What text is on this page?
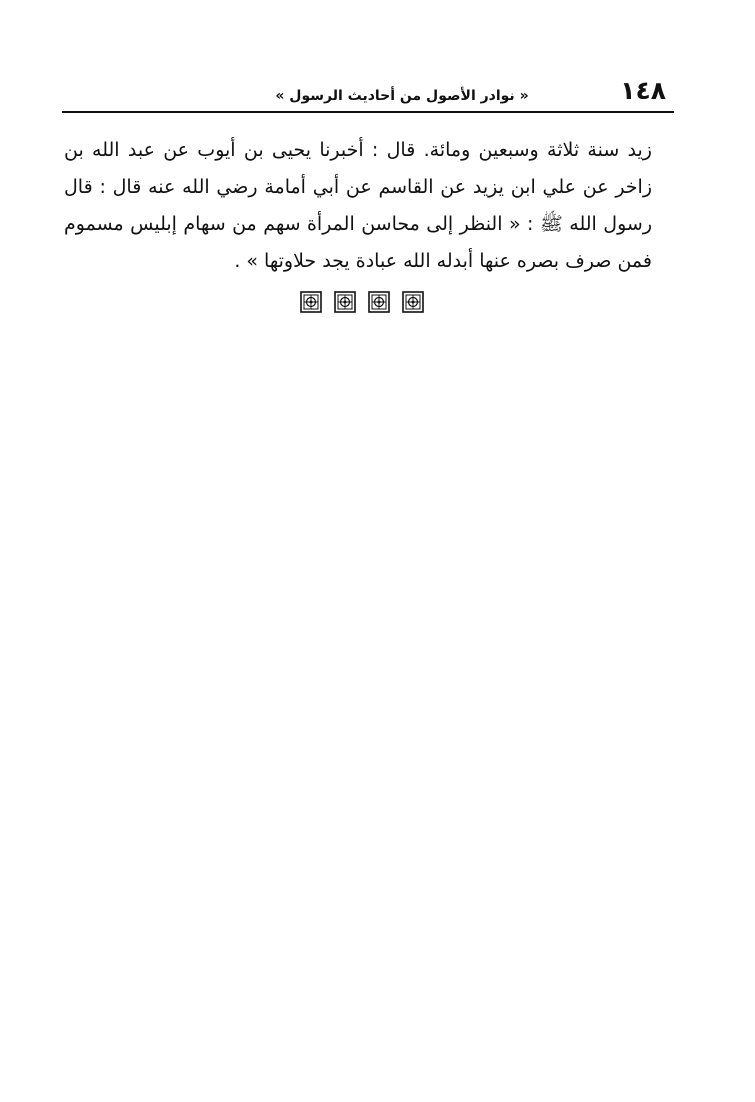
« نوادر الأصول من أحاديث الرسول »	١٤٨
زيد سنة ثلاثة وسبعين ومائة. قال : أخبرنا يحيى بن أيوب عن عبد الله بن زاخر عن علي ابن يزيد عن القاسم عن أبي أمامة رضي الله عنه قال : قال رسول الله ﷺ : « النظر إلى محاسن المرأة سهم من سهام إبليس مسموم فمن صرف بصره عنها أبدله الله عبادة يجد حلاوتها » .
